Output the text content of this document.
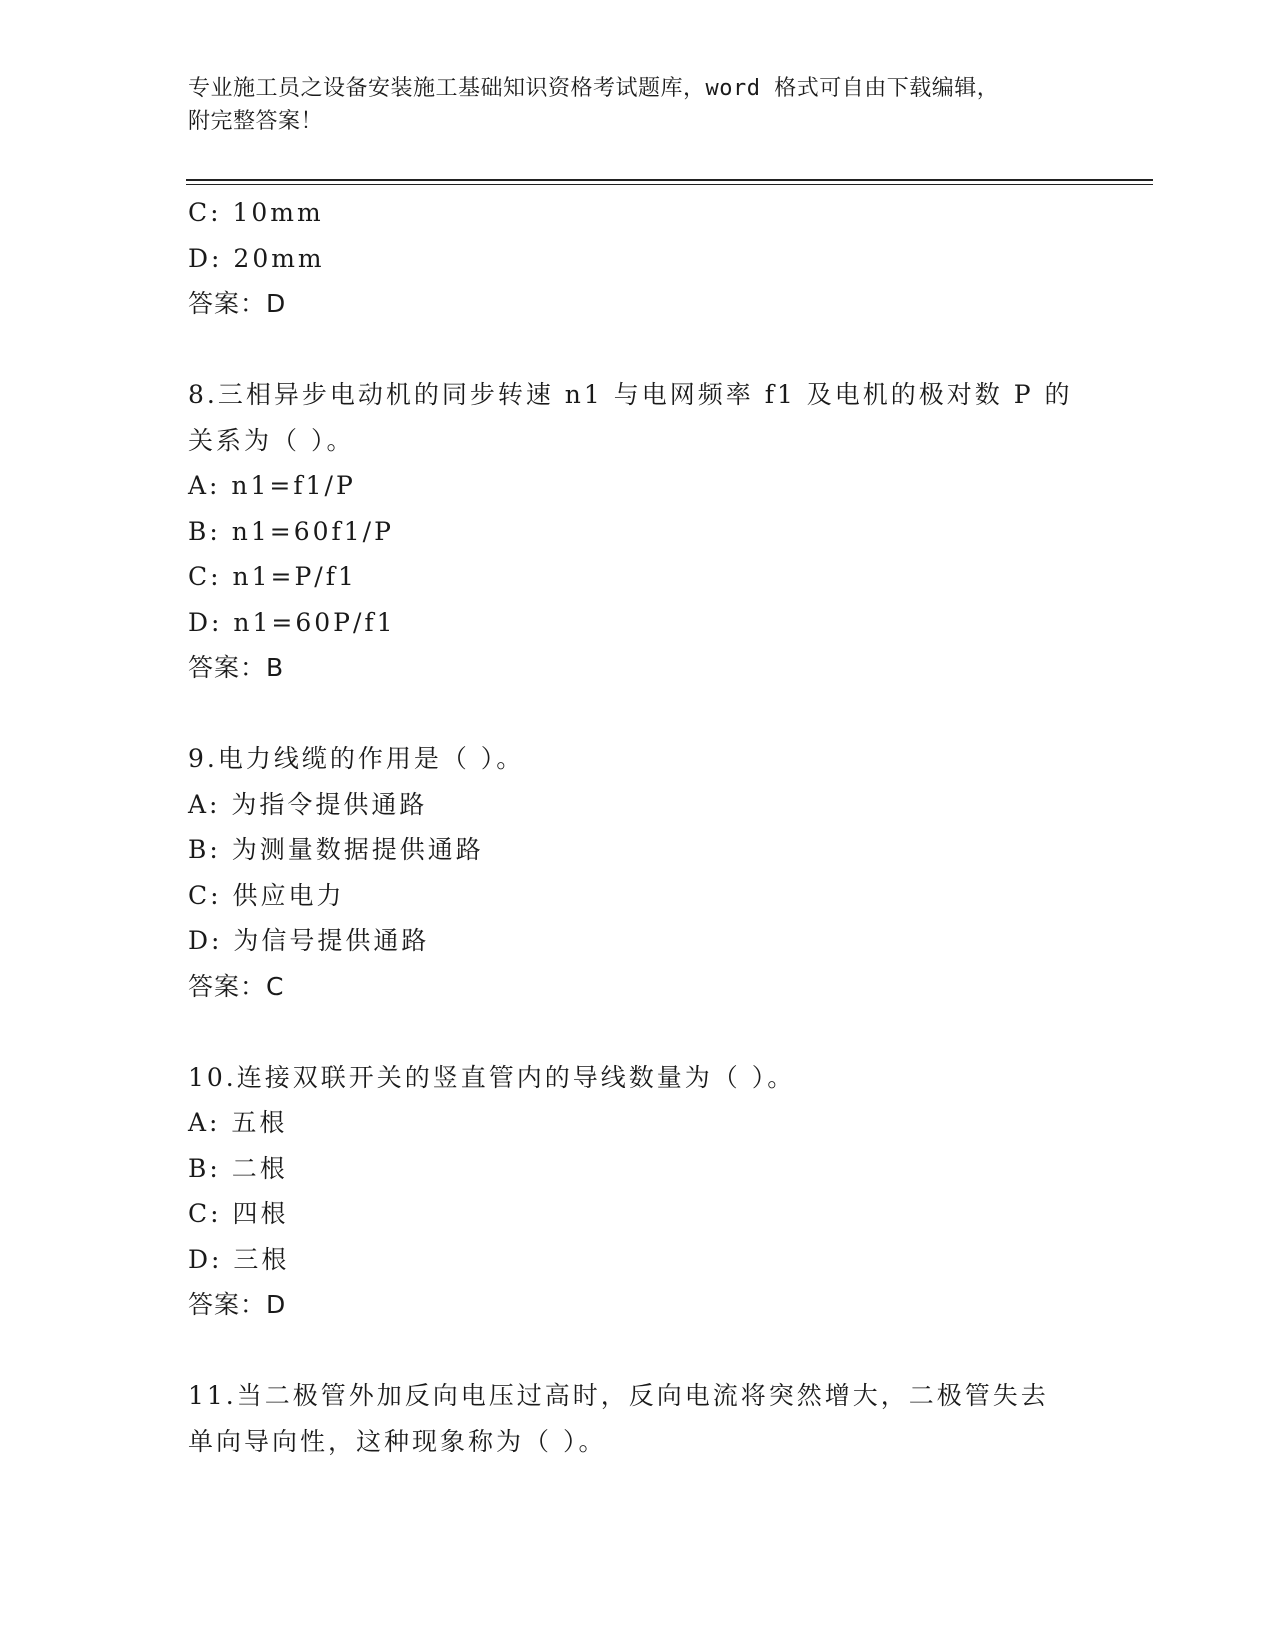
专业施工员之设备安装施工基础知识资格考试题库，word 格式可自由下载编辑，
附完整答案！
C: 10mm
D: 20mm
答案：D
8.三相异步电动机的同步转速 n1 与电网频率 f1 及电机的极对数 P 的
关系为（ ）。
A: n1=f1/P
B: n1=60f1/P
C: n1=P/f1
D: n1=60P/f1
答案：B
9.电力线缆的作用是（ ）。
A: 为指令提供通路
B: 为测量数据提供通路
C: 供应电力
D: 为信号提供通路
答案：C
10.连接双联开关的竖直管内的导线数量为（ ）。
A: 五根
B: 二根
C: 四根
D: 三根
答案：D
11.当二极管外加反向电压过高时，反向电流将突然增大，二极管失去
单向导向性，这种现象称为（ ）。
